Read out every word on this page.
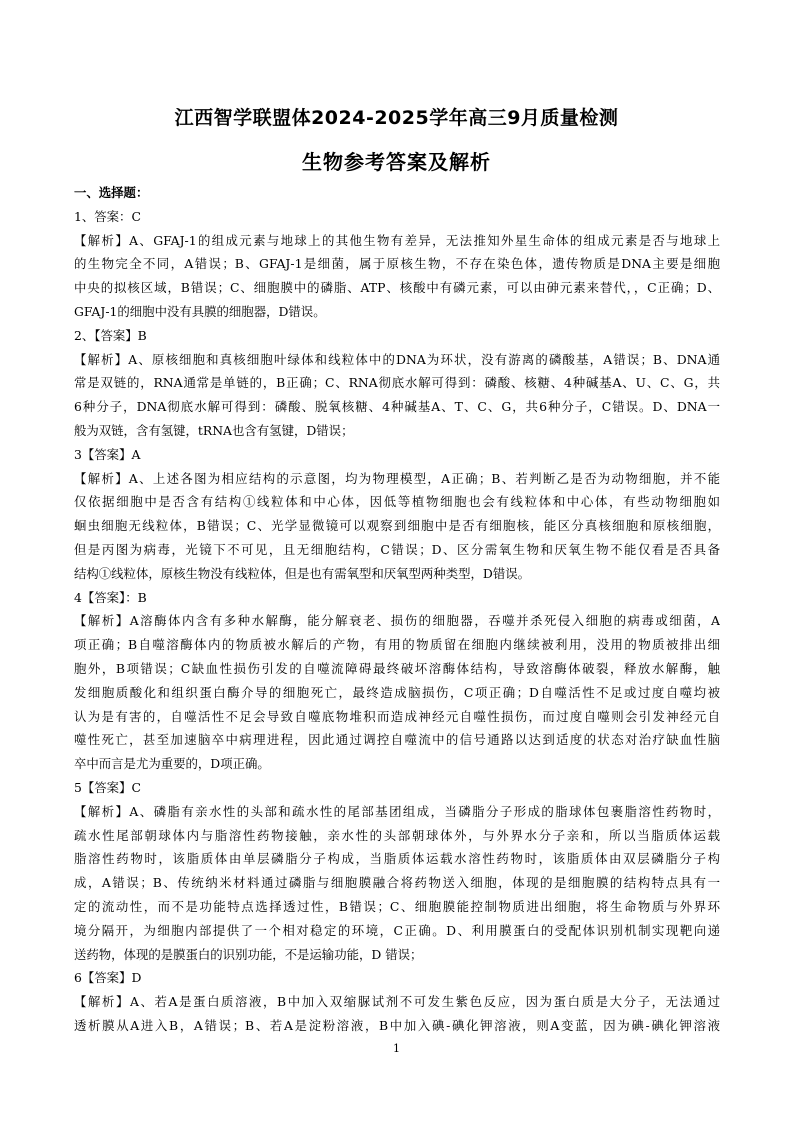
江西智学联盟体2024-2025学年高三9月质量检测
生物参考答案及解析
一、选择题：
1、答案：C
【解析】A、GFAJ-1的组成元素与地球上的其他生物有差异，无法推知外星生命体的组成元素是否与地球上
的生物完全不同，A错误；B、GFAJ-1是细菌，属于原核生物，不存在染色体，遗传物质是DNA主要是细胞
中央的拟核区域，B错误；C、细胞膜中的磷脂、ATP、核酸中有磷元素，可以由砷元素来替代，，C正确；D、
GFAJ-1的细胞中没有具膜的细胞器，D错误。
2、【答案】B
【解析】A、原核细胞和真核细胞叶绿体和线粒体中的DNA为环状，没有游离的磷酸基，A错误；B、DNA通
常是双链的，RNA通常是单链的，B正确；C、RNA彻底水解可得到：磷酸、核糖、4种碱基A、U、C、G，共
6种分子，DNA彻底水解可得到：磷酸、脱氧核糖、4种碱基A、T、C、G，共6种分子，C错误。D、DNA一
般为双链，含有氢键，tRNA也含有氢键，D错误；
3【答案】A
【解析】A、上述各图为相应结构的示意图，均为物理模型，A正确；B、若判断乙是否为动物细胞，并不能
仅依据细胞中是否含有结构①线粒体和中心体，因低等植物细胞也会有线粒体和中心体，有些动物细胞如
蛔虫细胞无线粒体，B错误；C、光学显微镜可以观察到细胞中是否有细胞核，能区分真核细胞和原核细胞，
但是丙图为病毒，光镜下不可见，且无细胞结构，C错误；D、区分需氧生物和厌氧生物不能仅看是否具备
结构①线粒体，原核生物没有线粒体，但是也有需氧型和厌氧型两种类型，D错误。
4【答案】：B
【解析】A溶酶体内含有多种水解酶，能分解衰老、损伤的细胞器，吞噬并杀死侵入细胞的病毒或细菌，A
项正确；B自噬溶酶体内的物质被水解后的产物，有用的物质留在细胞内继续被利用，没用的物质被排出细
胞外，B项错误；C缺血性损伤引发的自噬流障碍最终破坏溶酶体结构，导致溶酶体破裂，释放水解酶，触
发细胞质酸化和组织蛋白酶介导的细胞死亡，最终造成脑损伤，C项正确；D自噬活性不足或过度自噬均被
认为是有害的，自噬活性不足会导致自噬底物堆积而造成神经元自噬性损伤，而过度自噬则会引发神经元自
噬性死亡，甚至加速脑卒中病理进程，因此通过调控自噬流中的信号通路以达到适度的状态对治疗缺血性脑
卒中而言是尤为重要的，D项正确。
5【答案】C
【解析】A、磷脂有亲水性的头部和疏水性的尾部基团组成，当磷脂分子形成的脂球体包裹脂溶性药物时，
疏水性尾部朝球体内与脂溶性药物接触，亲水性的头部朝球体外，与外界水分子亲和，所以当脂质体运载
脂溶性药物时，该脂质体由单层磷脂分子构成，当脂质体运载水溶性药物时，该脂质体由双层磷脂分子构
成，A错误；B、传统纳米材料通过磷脂与细胞膜融合将药物送入细胞，体现的是细胞膜的结构特点具有一
定的流动性，而不是功能特点选择透过性，B错误；C、细胞膜能控制物质进出细胞，将生命物质与外界环
境分隔开，为细胞内部提供了一个相对稳定的环境，C正确。D、利用膜蛋白的受配体识别机制实现靶向递
送药物，体现的是膜蛋白的识别功能，不是运输功能，D 错误；
6【答案】D
【解析】A、若A是蛋白质溶液，B中加入双缩脲试剂不可发生紫色反应，因为蛋白质是大分子，无法通过
透析膜从A进入B，A错误；B、若A是淀粉溶液，B中加入碘-碘化钾溶液，则A变蓝，因为碘-碘化钾溶液
1
